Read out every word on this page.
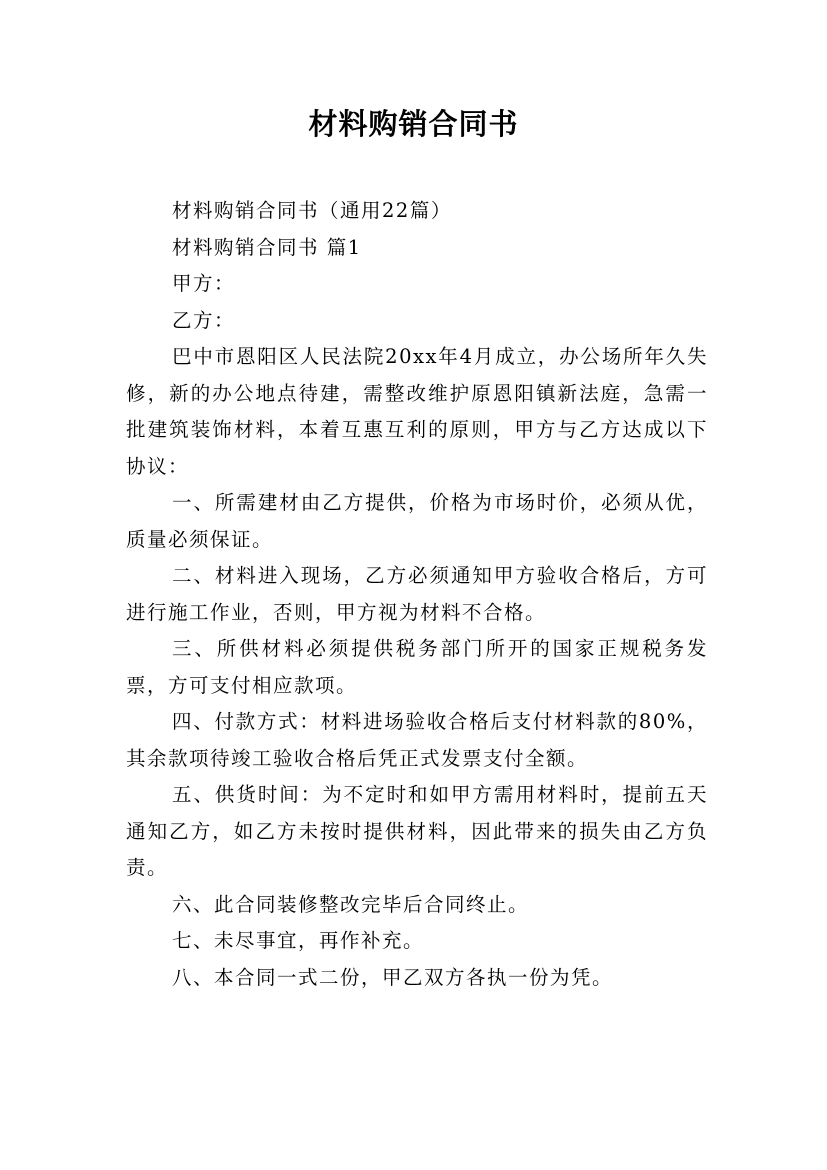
材料购销合同书

材料购销合同书（通用22篇）

材料购销合同书 篇1

甲方：

乙方：

巴中市恩阳区人民法院20xx年4月成立，办公场所年久失修，新的办公地点待建，需整改维护原恩阳镇新法庭，急需一批建筑装饰材料，本着互惠互利的原则，甲方与乙方达成以下协议：

一、所需建材由乙方提供，价格为市场时价，必须从优，质量必须保证。

二、材料进入现场，乙方必须通知甲方验收合格后，方可进行施工作业，否则，甲方视为材料不合格。

三、所供材料必须提供税务部门所开的国家正规税务发票，方可支付相应款项。

四、付款方式：材料进场验收合格后支付材料款的80%，其余款项待竣工验收合格后凭正式发票支付全额。

五、供货时间：为不定时和如甲方需用材料时，提前五天通知乙方，如乙方未按时提供材料，因此带来的损失由乙方负责。

六、此合同装修整改完毕后合同终止。

七、未尽事宜，再作补充。

八、本合同一式二份，甲乙双方各执一份为凭。
